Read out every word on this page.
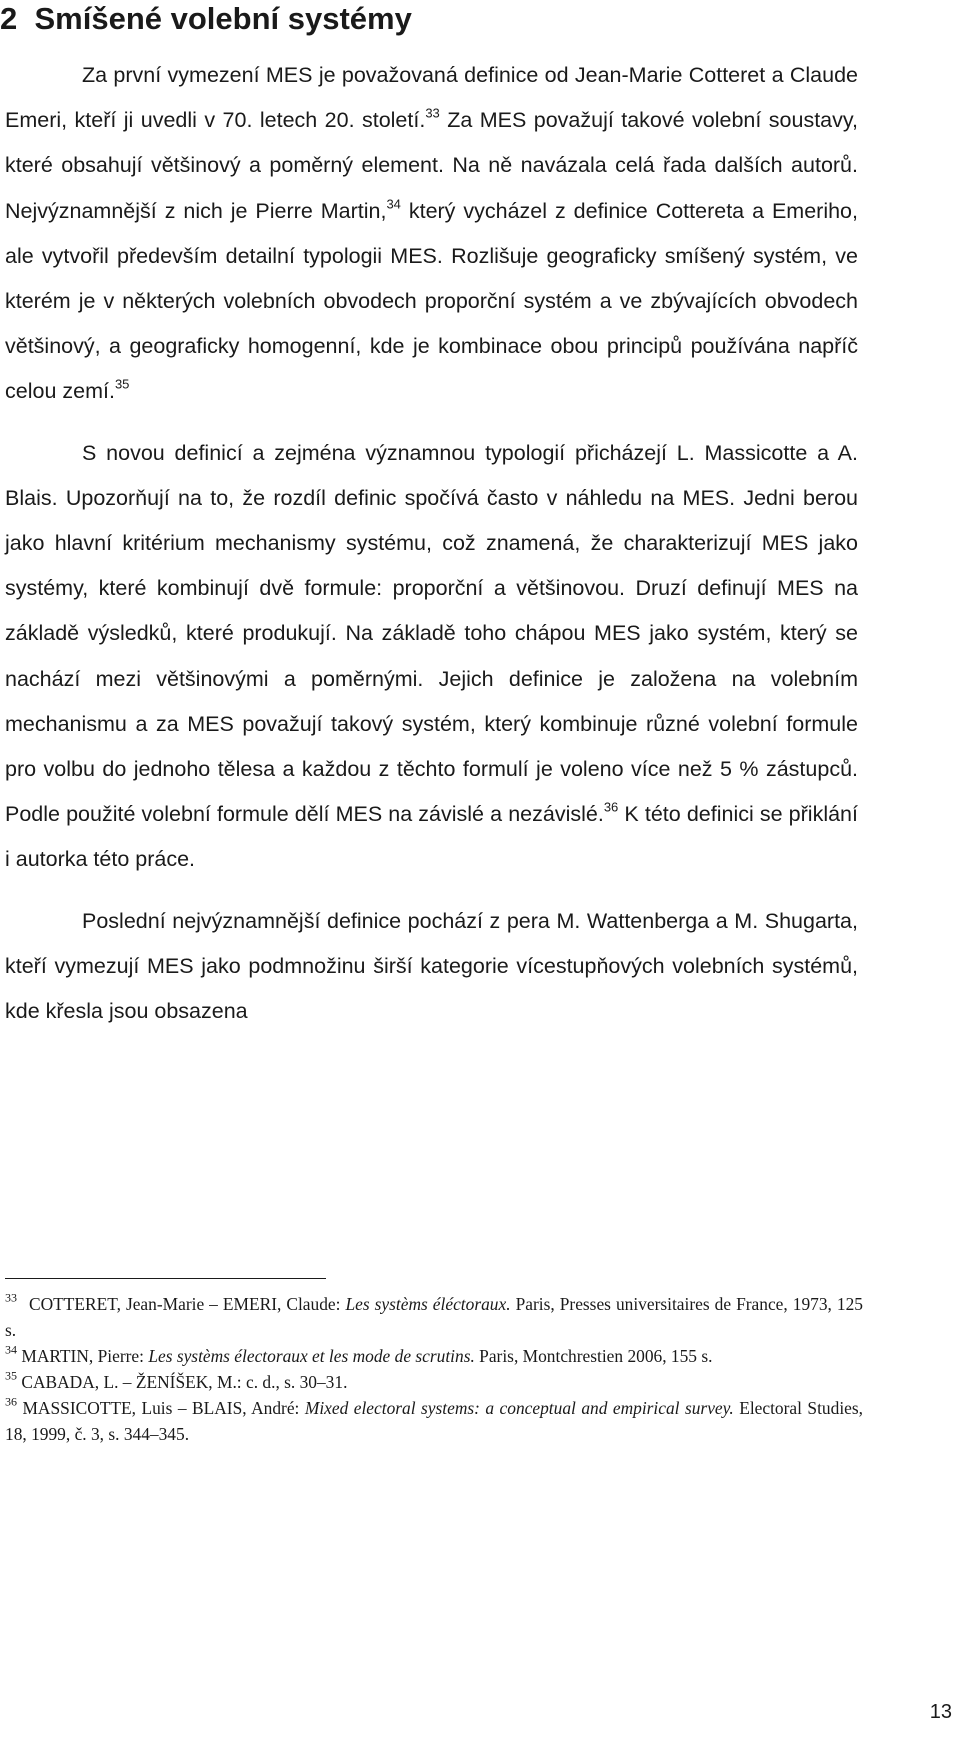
2 Smíšené volební systémy

Za první vymezení MES je považovaná definice od Jean-Marie Cotteret a Claude Emeri, kteří ji uvedli v 70. letech 20. století.$^{33}$ Za MES považují takové volební soustavy, které obsahují většinový a poměrný element. Na ně navázala celá řada dalších autorů. Nejvýznamnější z nich je Pierre Martin,$^{34}$ který vycházel z definice Cottereta a Emeriho, ale vytvořil především detailní typologii MES. Rozlišuje geograficky smíšený systém, ve kterém je v některých volebních obvodech proporční systém a ve zbývajících obvodech většinový, a geograficky homogenní, kde je kombinace obou principů používána napříč celou zemí.$^{35}$

S novou definicí a zejména významnou typologií přicházejí L. Massicotte a A. Blais. Upozorňují na to, že rozdíl definic spočívá často v náhledu na MES. Jedni berou jako hlavní kritérium mechanismy systému, což znamená, že charakterizují MES jako systémy, které kombinují dvě formule: proporční a většinovou. Druzí definují MES na základě výsledků, které produkují. Na základě toho chápou MES jako systém, který se nachází mezi většinovými a poměrnými. Jejich definice je založena na volebním mechanismu a za MES považují takový systém, který kombinuje různé volební formule pro volbu do jednoho tělesa a každou z těchto formulí je voleno více než 5 % zástupců. Podle použité volební formule dělí MES na závislé a nezávislé.$^{36}$ K této definici se přiklání i autorka této práce.

Poslední nejvýznamnější definice pochází z pera M. Wattenberga a M. Shugarta, kteří vymezují MES jako podmnožinu širší kategorie vícestupňových volebních systémů, kde křesla jsou obsazena

$^{33}$ COTTERET, Jean-Marie – EMERI, Claude: Les systèms éléctoraux. Paris, Presses universitaires de France, 1973, 125 s.

$^{34}$ MARTIN, Pierre: Les systèms électoraux et les mode de scrutins. Paris, Montchrestien 2006, 155 s.

$^{35}$ CABADA, L. – ŽENÍŠEK, M.: c. d., s. 30–31.

$^{36}$ MASSICOTTE, Luis – BLAIS, André: Mixed electoral systems: a conceptual and empirical survey. Electoral Studies, 18, 1999, č. 3, s. 344–345.

13
